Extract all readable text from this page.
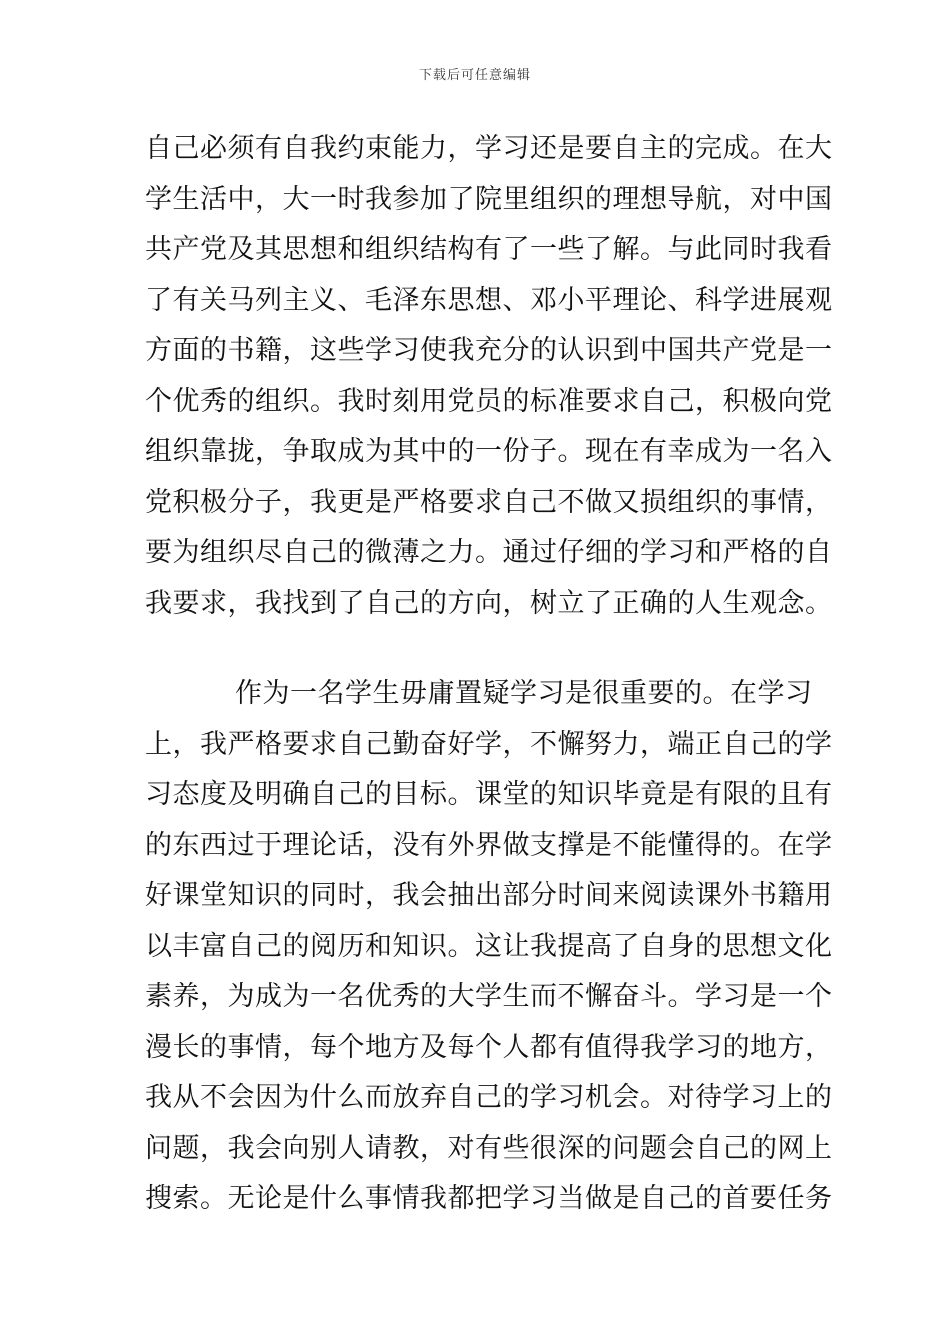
下载后可任意编辑
自己必须有自我约束能力，学习还是要自主的完成。在大
学生活中，大一时我参加了院里组织的理想导航，对中国
共产党及其思想和组织结构有了一些了解。与此同时我看
了有关马列主义、毛泽东思想、邓小平理论、科学进展观
方面的书籍，这些学习使我充分的认识到中国共产党是一
个优秀的组织。我时刻用党员的标准要求自己，积极向党
组织靠拢，争取成为其中的一份子。现在有幸成为一名入
党积极分子，我更是严格要求自己不做又损组织的事情，
要为组织尽自己的微薄之力。通过仔细的学习和严格的自
我要求，我找到了自己的方向，树立了正确的人生观念。
作为一名学生毋庸置疑学习是很重要的。在学习
上，我严格要求自己勤奋好学，不懈努力，端正自己的学
习态度及明确自己的目标。课堂的知识毕竟是有限的且有
的东西过于理论话，没有外界做支撑是不能懂得的。在学
好课堂知识的同时，我会抽出部分时间来阅读课外书籍用
以丰富自己的阅历和知识。这让我提高了自身的思想文化
素养，为成为一名优秀的大学生而不懈奋斗。学习是一个
漫长的事情，每个地方及每个人都有值得我学习的地方，
我从不会因为什么而放弃自己的学习机会。对待学习上的
问题，我会向别人请教，对有些很深的问题会自己的网上
搜索。无论是什么事情我都把学习当做是自己的首要任务
